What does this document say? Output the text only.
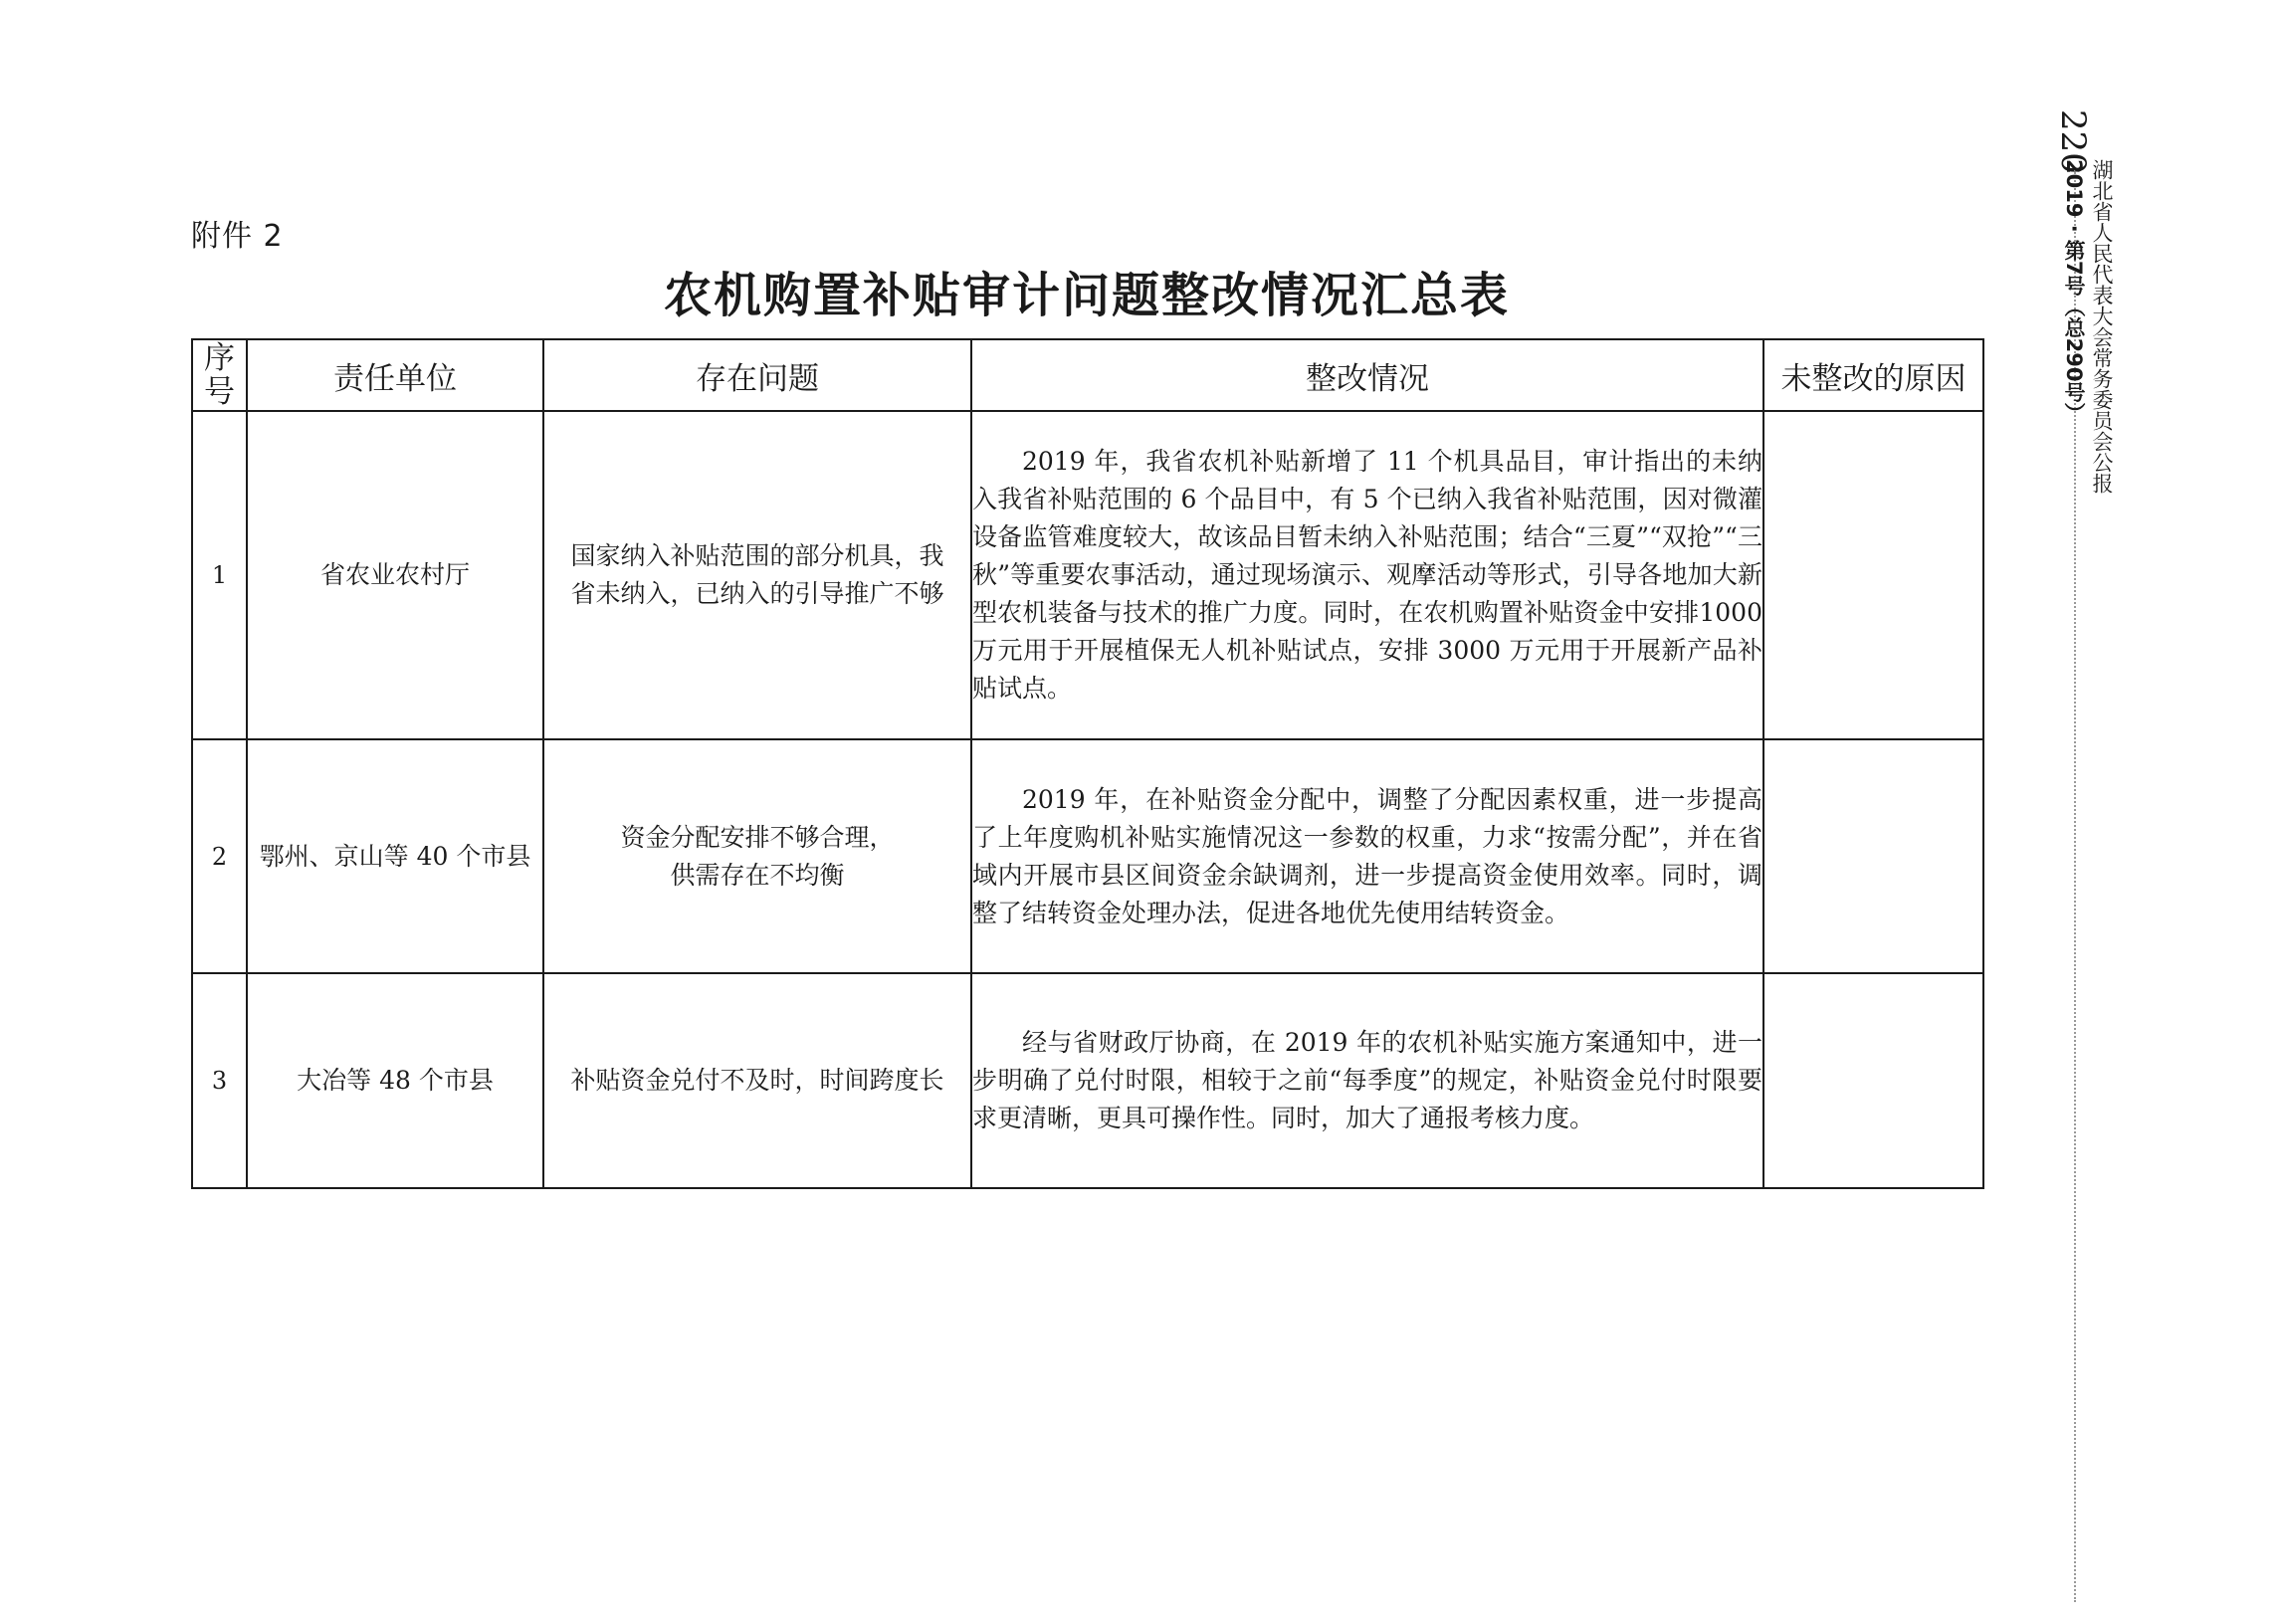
附件 2
农机购置补贴审计问题整改情况汇总表
序
号	责任单位	存在问题	整改情况	未整改的原因
1	省农业农村厅	国家纳入补贴范围的部分机具，我
省未纳入，已纳入的引导推广不够	2019 年，我省农机补贴新增了 11 个机具品目，审计指出的未纳入我省补贴范围的 6 个品目中，有 5 个已纳入我省补贴范围，因对微灌设备监管难度较大，故该品目暂未纳入补贴范围；结合“三夏”“双抢”“三秋”等重要农事活动，通过现场演示、观摩活动等形式，引导各地加大新型农机装备与技术的推广力度。同时，在农机购置补贴资金中安排1000万元用于开展植保无人机补贴试点，安排 3000 万元用于开展新产品补贴试点。	

2	鄂州、京山等 40 个市县	资金分配安排不够合理，
供需存在不均衡	2019 年，在补贴资金分配中，调整了分配因素权重，进一步提高了上年度购机补贴实施情况这一参数的权重，力求“按需分配”，并在省域内开展市县区间资金余缺调剂，进一步提高资金使用效率。同时，调整了结转资金处理办法，促进各地优先使用结转资金。	

3	大冶等 48 个市县	补贴资金兑付不及时，时间跨度长	经与省财政厅协商，在 2019 年的农机补贴实施方案通知中，进一步明确了兑付时限，相较于之前“每季度”的规定，补贴资金兑付时限要求更清晰，更具可操作性。同时，加大了通报考核力度。	

220
湖北省人民代表大会常务委员会公报
2019 · 第7号（总290号）
